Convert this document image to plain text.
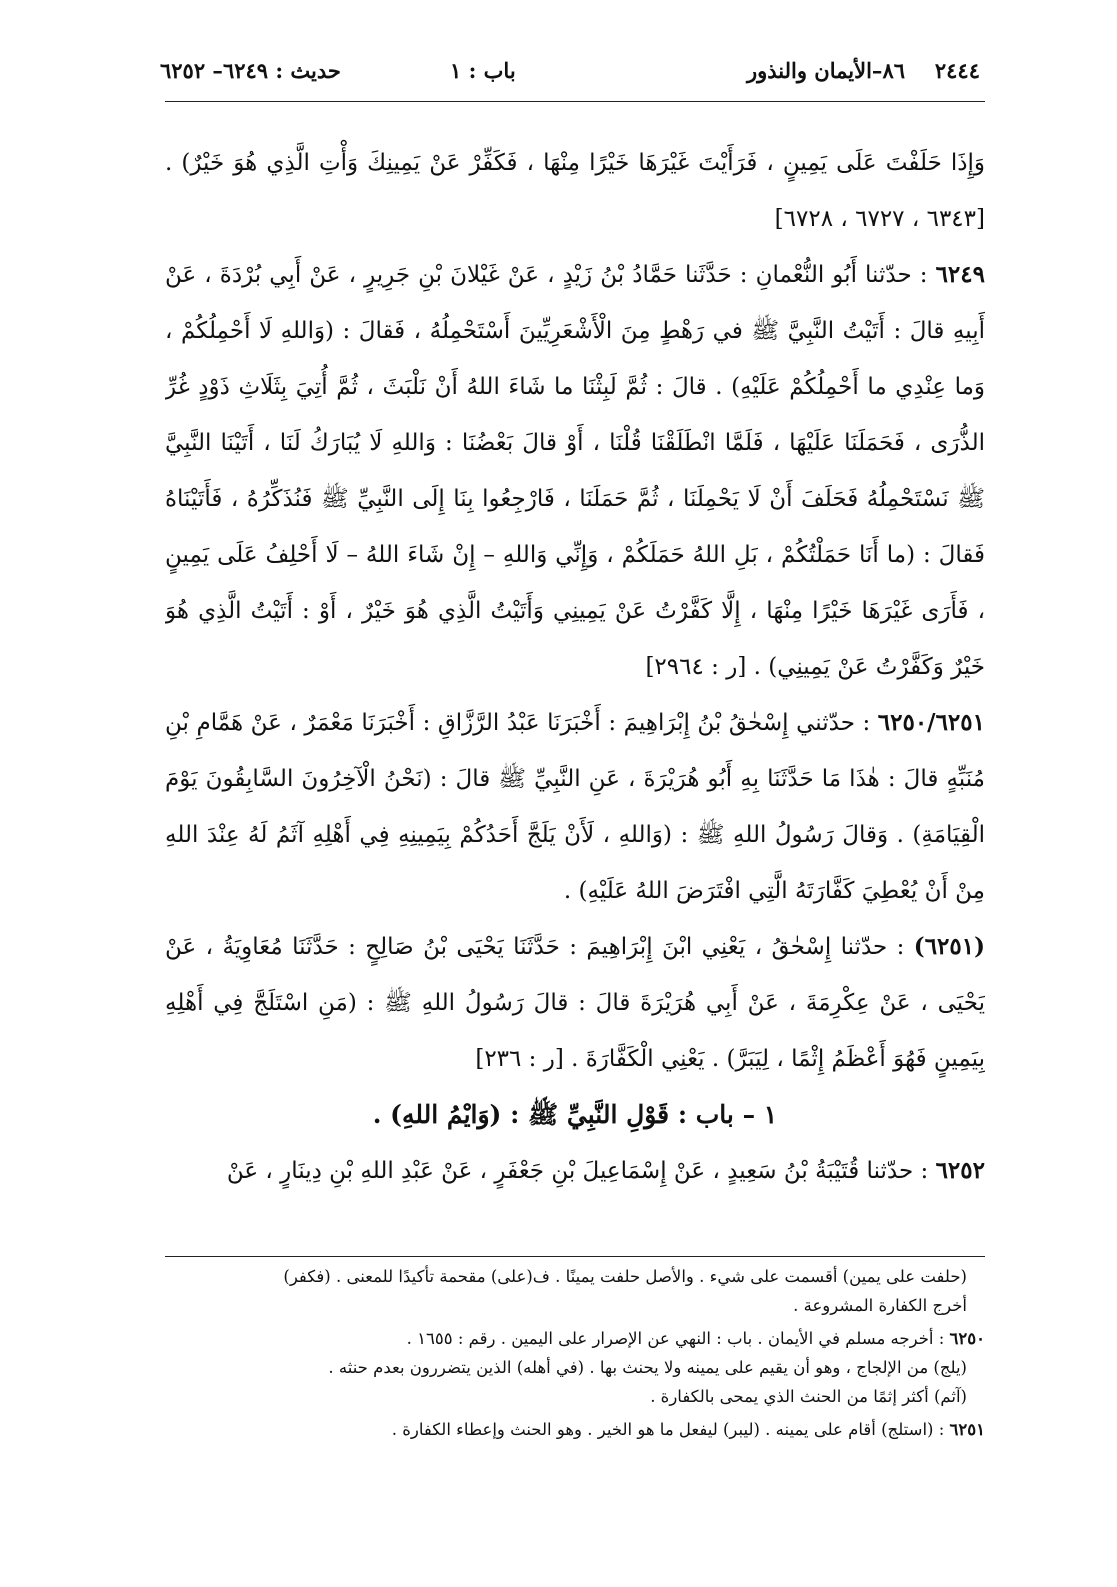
٢٤٤٤
٨٦–الأيمان والنذور
باب : ١
حديث : ٦٢٤٩– ٦٢٥٢

وَإِذَا حَلَفْتَ عَلَى يَمِينٍ ، فَرَأَيْتَ غَيْرَهَا خَيْرًا مِنْهَا ، فَكَفِّرْ عَنْ يَمِينِكَ وَأْتِ الَّذِي هُوَ خَيْرٌ) . [٦٣٤٣ ، ٦٧٢٧ ، ٦٧٢٨]

٦٢٤٩ : حدّثنا أَبُو النُّعْمانِ : حَدَّثَنا حَمَّادُ بْنُ زَيْدٍ ، عَنْ غَيْلانَ بْنِ جَرِيرٍ ، عَنْ أَبِي بُرْدَةَ ، عَنْ أَبِيهِ قالَ : أَتَيْتُ النَّبِيَّ ﷺ في رَهْطٍ مِنَ الْأَشْعَرِيِّينَ أَسْتَحْمِلُهُ ، فَقالَ : (وَاللهِ لَا أَحْمِلُكُمْ ، وَما عِنْدِي ما أَحْمِلُكُمْ عَلَيْهِ) . قالَ : ثُمَّ لَبِثْنَا ما شَاءَ اللهُ أَنْ نَلْبَثَ ، ثُمَّ أُتِيَ بِثَلَاثِ ذَوْدٍ غُرِّ الذُّرَى ، فَحَمَلَنَا عَلَيْهَا ، فَلَمَّا انْطَلَقْنَا قُلْنَا ، أَوْ قالَ بَعْضُنَا : وَاللهِ لَا يُبَارَكُ لَنَا ، أَتَيْنَا النَّبِيَّ ﷺ نَسْتَحْمِلُهُ فَحَلَفَ أَنْ لَا يَحْمِلَنَا ، ثُمَّ حَمَلَنَا ، فَارْجِعُوا بِنَا إِلَى النَّبِيِّ ﷺ فَنُذَكِّرُهُ ، فَأَتَيْنَاهُ فَقالَ : (ما أَنَا حَمَلْتُكُمْ ، بَلِ اللهُ حَمَلَكُمْ ، وَإِنِّي وَاللهِ – إِنْ شَاءَ اللهُ – لَا أَحْلِفُ عَلَى يَمِينٍ ، فَأَرَى غَيْرَهَا خَيْرًا مِنْهَا ، إِلَّا كَفَّرْتُ عَنْ يَمِينِي وَأَتَيْتُ الَّذِي هُوَ خَيْرٌ ، أَوْ : أَتَيْتُ الَّذِي هُوَ خَيْرٌ وَكَفَّرْتُ عَنْ يَمِينِي) . [ر : ٢٩٦٤]

٦٢٥٠/٦٢٥١ : حدّثني إِسْحٰقُ بْنُ إِبْرَاهِيمَ : أَخْبَرَنَا عَبْدُ الرَّزَّاقِ : أَخْبَرَنَا مَعْمَرٌ ، عَنْ هَمَّامِ بْنِ مُنَبِّهٍ قالَ : هٰذَا مَا حَدَّثَنَا بِهِ أَبُو هُرَيْرَةَ ، عَنِ النَّبِيِّ ﷺ قالَ : (نَحْنُ الْآخِرُونَ السَّابِقُونَ يَوْمَ الْقِيَامَةِ) . وَقالَ رَسُولُ اللهِ ﷺ : (وَاللهِ ، لَأَنْ يَلَجَّ أَحَدُكُمْ بِيَمِينِهِ فِي أَهْلِهِ آثَمُ لَهُ عِنْدَ اللهِ مِنْ أَنْ يُعْطِيَ كَفَّارَتَهُ الَّتِي افْتَرَضَ اللهُ عَلَيْهِ) .

(٦٢٥١) : حدّثنا إِسْحٰقُ ، يَعْنِي ابْنَ إِبْرَاهِيمَ : حَدَّثَنَا يَحْيَى بْنُ صَالِحٍ : حَدَّثَنَا مُعَاوِيَةُ ، عَنْ يَحْيَى ، عَنْ عِكْرِمَةَ ، عَنْ أَبِي هُرَيْرَةَ قالَ : قالَ رَسُولُ اللهِ ﷺ : (مَنِ اسْتَلَجَّ فِي أَهْلِهِ بِيَمِينٍ فَهُوَ أَعْظَمُ إِثْمًا ، لِيَبَرَّ) . يَعْنِي الْكَفَّارَةَ . [ر : ٢٣٦]

١ – باب : قَوْلِ النَّبِيِّ ﷺ : (وَايْمُ اللهِ) .

٦٢٥٢ : حدّثنا قُتَيْبَةُ بْنُ سَعِيدٍ ، عَنْ إِسْمَاعِيلَ بْنِ جَعْفَرٍ ، عَنْ عَبْدِ اللهِ بْنِ دِينَارٍ ، عَنْ

(حلفت على يمين) أقسمت على شيء . والأصل حلفت يمينًا . ف(على) مقحمة تأكيدًا للمعنى . (فكفر)

أخرج الكفارة المشروعة .

٦٢٥٠ : أخرجه مسلم في الأيمان . باب : النهي عن الإصرار على اليمين . رقم : ١٦٥٥ .

(يلج) من الإلجاج ، وهو أن يقيم على يمينه ولا يحنث بها . (في أهله) الذين يتضررون بعدم حنثه .

(آثم) أكثر إثمًا من الحنث الذي يمحى بالكفارة .

٦٢٥١ : (استلج) أقام على يمينه . (ليبر) ليفعل ما هو الخير . وهو الحنث وإعطاء الكفارة .
